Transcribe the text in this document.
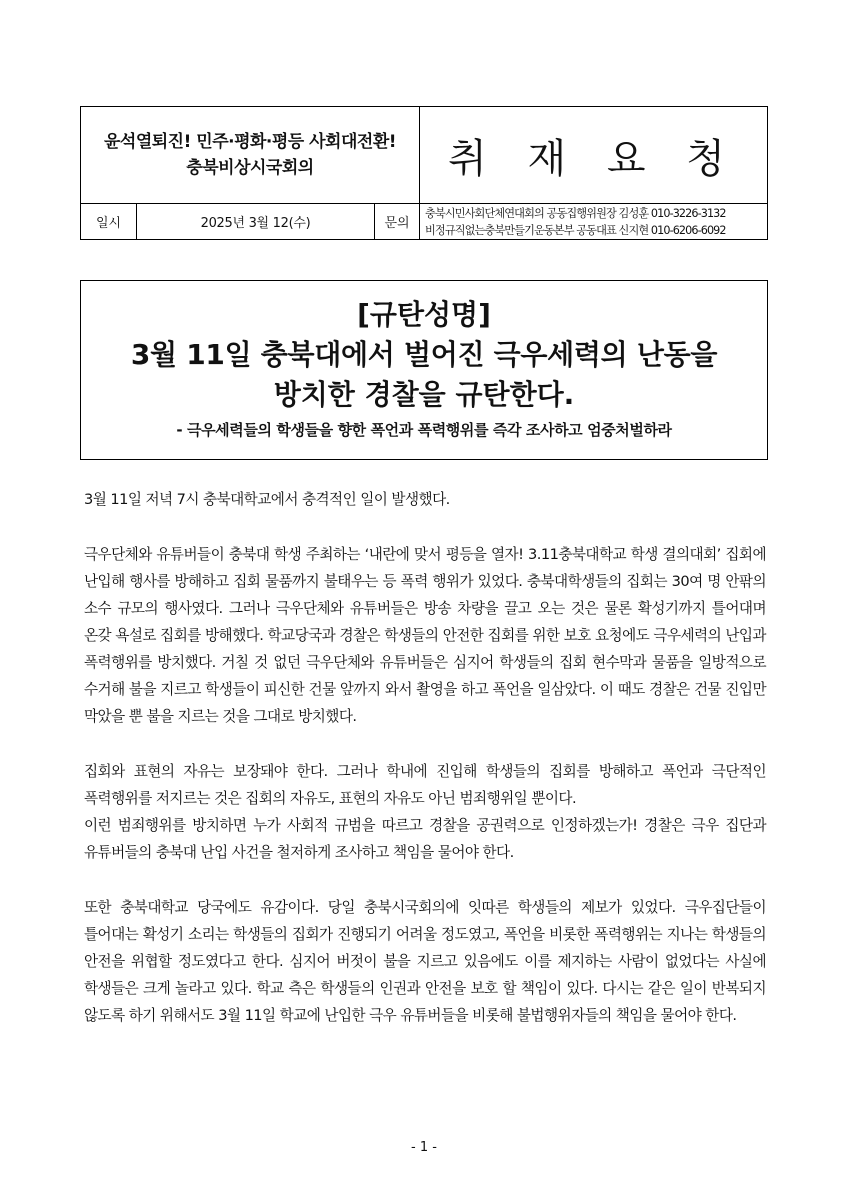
윤석열퇴진! 민주·평화·평등 사회대전환!
충북비상시국회의	취 재 요 청
일시	2025년 3월 12(수)	문의
충북시민사회단체연대회의 공동집행위원장 김성훈 010-3226-3132
비정규직없는충북만들기운동본부 공동대표 신지현 010-6206-6092
[규탄성명]
3월 11일 충북대에서 벌어진 극우세력의 난동을
방치한 경찰을 규탄한다.
- 극우세력들의 학생들을 향한 폭언과 폭력행위를 즉각 조사하고 엄중처벌하라

3월 11일 저녁 7시 충북대학교에서 충격적인 일이 발생했다.

극우단체와 유튜버들이 충북대 학생 주최하는 ‘내란에 맞서 평등을 열자! 3.11충북대학교 학생 결의대회’ 집회에 난입해 행사를 방해하고 집회 물품까지 불태우는 등 폭력 행위가 있었다. 충북대학생들의 집회는 30여 명 안팎의 소수 규모의 행사였다. 그러나 극우단체와 유튜버들은 방송 차량을 끌고 오는 것은 물론 확성기까지 틀어대며 온갖 욕설로 집회를 방해했다. 학교당국과 경찰은 학생들의 안전한 집회를 위한 보호 요청에도 극우세력의 난입과 폭력행위를 방치했다. 거칠 것 없던 극우단체와 유튜버들은 심지어 학생들의 집회 현수막과 물품을 일방적으로 수거해 불을 지르고 학생들이 피신한 건물 앞까지 와서 촬영을 하고 폭언을 일삼았다. 이 때도 경찰은 건물 진입만 막았을 뿐 불을 지르는 것을 그대로 방치했다.

집회와 표현의 자유는 보장돼야 한다. 그러나 학내에 진입해 학생들의 집회를 방해하고 폭언과 극단적인 폭력행위를 저지르는 것은 집회의 자유도, 표현의 자유도 아닌 범죄행위일 뿐이다.

이런 범죄행위를 방치하면 누가 사회적 규범을 따르고 경찰을 공권력으로 인정하겠는가! 경찰은 극우 집단과 유튜버들의 충북대 난입 사건을 철저하게 조사하고 책임을 물어야 한다.

또한 충북대학교 당국에도 유감이다. 당일 충북시국회의에 잇따른 학생들의 제보가 있었다. 극우집단들이 틀어대는 확성기 소리는 학생들의 집회가 진행되기 어려울 정도였고, 폭언을 비롯한 폭력행위는 지나는 학생들의 안전을 위협할 정도였다고 한다. 심지어 버젓이 불을 지르고 있음에도 이를 제지하는 사람이 없었다는 사실에 학생들은 크게 놀라고 있다. 학교 측은 학생들의 인권과 안전을 보호 할 책임이 있다. 다시는 같은 일이 반복되지 않도록 하기 위해서도 3월 11일 학교에 난입한 극우 유튜버들을 비롯해 불법행위자들의 책임을 물어야 한다.

- 1 -
